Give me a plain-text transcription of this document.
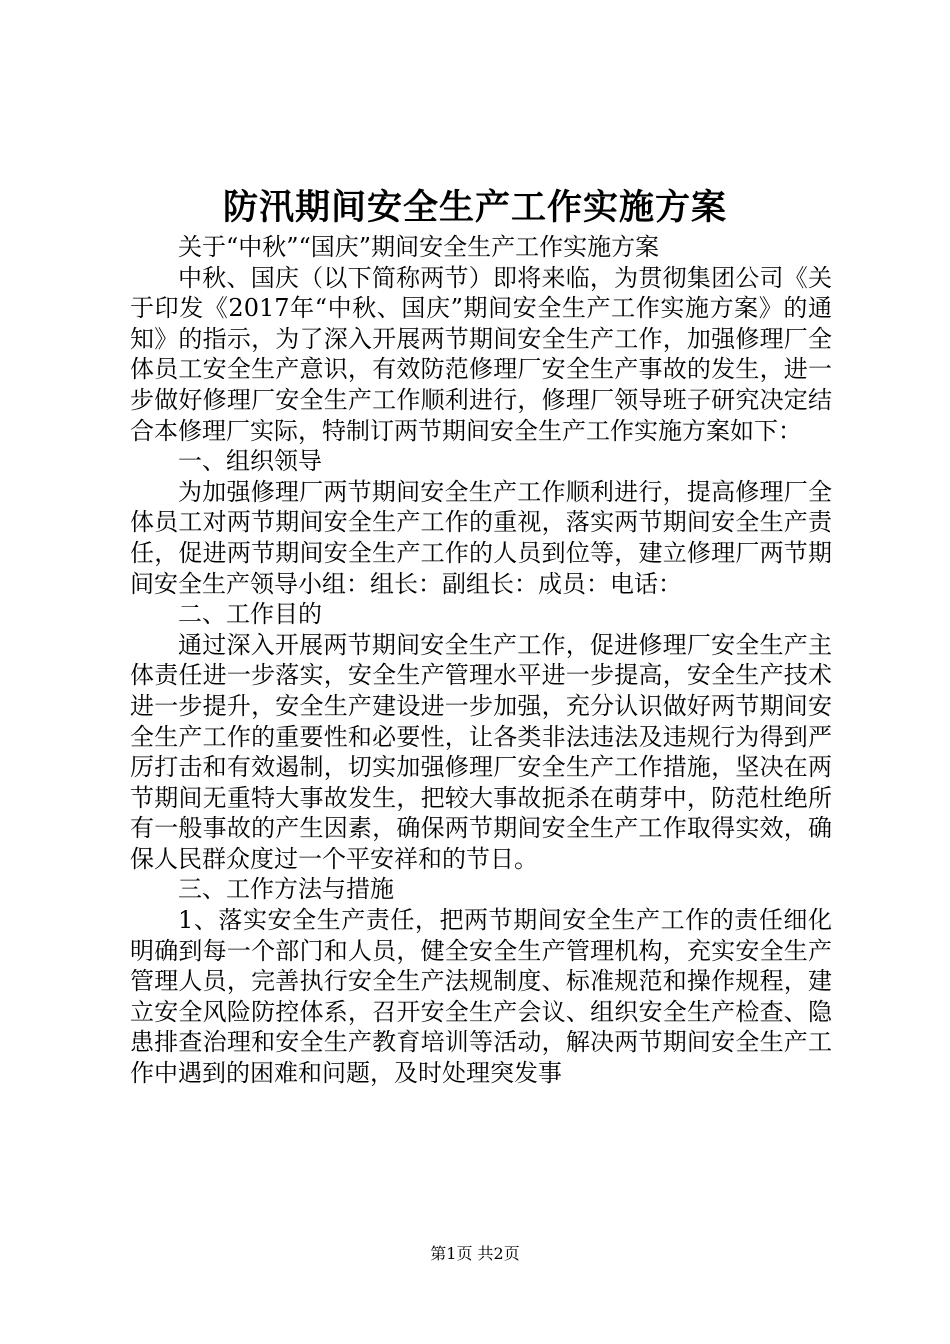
防汛期间安全生产工作实施方案

关于“中秋”“国庆”期间安全生产工作实施方案

中秋、国庆（以下简称两节）即将来临，为贯彻集团公司《关于印发《2017年“中秋、国庆”期间安全生产工作实施方案》的通知》的指示，为了深入开展两节期间安全生产工作，加强修理厂全体员工安全生产意识，有效防范修理厂安全生产事故的发生，进一步做好修理厂安全生产工作顺利进行，修理厂领导班子研究决定结合本修理厂实际，特制订两节期间安全生产工作实施方案如下：

一、组织领导

为加强修理厂两节期间安全生产工作顺利进行，提高修理厂全体员工对两节期间安全生产工作的重视，落实两节期间安全生产责任，促进两节期间安全生产工作的人员到位等，建立修理厂两节期间安全生产领导小组：组长：副组长：成员：电话：

二、工作目的

通过深入开展两节期间安全生产工作，促进修理厂安全生产主体责任进一步落实，安全生产管理水平进一步提高，安全生产技术进一步提升，安全生产建设进一步加强，充分认识做好两节期间安全生产工作的重要性和必要性，让各类非法违法及违规行为得到严厉打击和有效遏制，切实加强修理厂安全生产工作措施，坚决在两节期间无重特大事故发生，把较大事故扼杀在萌芽中，防范杜绝所有一般事故的产生因素，确保两节期间安全生产工作取得实效，确保人民群众度过一个平安祥和的节日。

三、工作方法与措施

1、落实安全生产责任，把两节期间安全生产工作的责任细化明确到每一个部门和人员，健全安全生产管理机构，充实安全生产管理人员，完善执行安全生产法规制度、标准规范和操作规程，建立安全风险防控体系，召开安全生产会议、组织安全生产检查、隐患排查治理和安全生产教育培训等活动，解决两节期间安全生产工作中遇到的困难和问题，及时处理突发事

第1页 共2页
